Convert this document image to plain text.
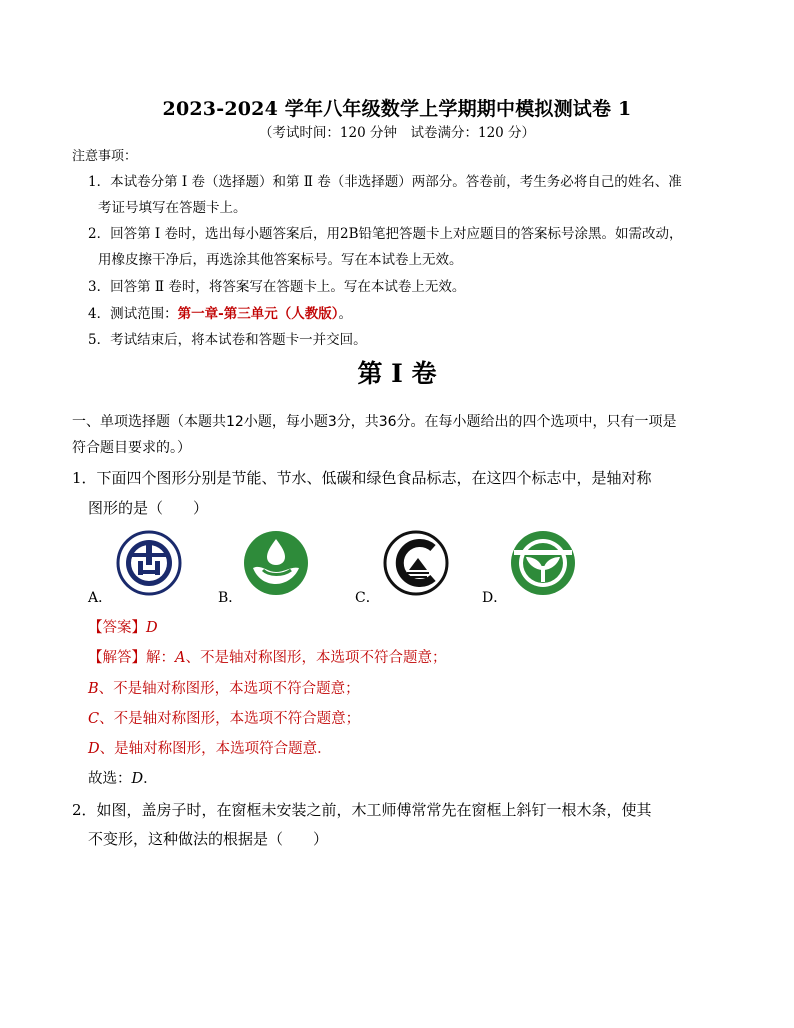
2023-2024 学年八年级数学上学期期中模拟测试卷 1
（考试时间：120 分钟　试卷满分：120 分）
注意事项：
1．本试卷分第 Ⅰ 卷（选择题）和第 Ⅱ 卷（非选择题）两部分。答卷前，考生务必将自己的姓名、准
考证号填写在答题卡上。
2．回答第 Ⅰ 卷时，选出每小题答案后，用2B铅笔把答题卡上对应题目的答案标号涂黑。如需改动，
用橡皮擦干净后，再选涂其他答案标号。写在本试卷上无效。
3．回答第 Ⅱ 卷时，将答案写在答题卡上。写在本试卷上无效。
4．测试范围：第一章-第三单元（人教版）。
5．考试结束后，将本试卷和答题卡一并交回。
第 Ⅰ 卷
一、单项选择题（本题共12小题，每小题3分，共36分。在每小题给出的四个选项中，只有一项是
符合题目要求的。）
1．下面四个图形分别是节能、节水、低碳和绿色食品标志，在这四个标志中，是轴对称
图形的是（　　）
A．	B．	C．	D．
【答案】D
【解答】解：A、不是轴对称图形，本选项不符合题意；
B、不是轴对称图形，本选项不符合题意；
C、不是轴对称图形，本选项不符合题意；
D、是轴对称图形，本选项符合题意．
故选：D．
2．如图，盖房子时，在窗框未安装之前，木工师傅常常先在窗框上斜钉一根木条，使其
不变形，这种做法的根据是（　　）
